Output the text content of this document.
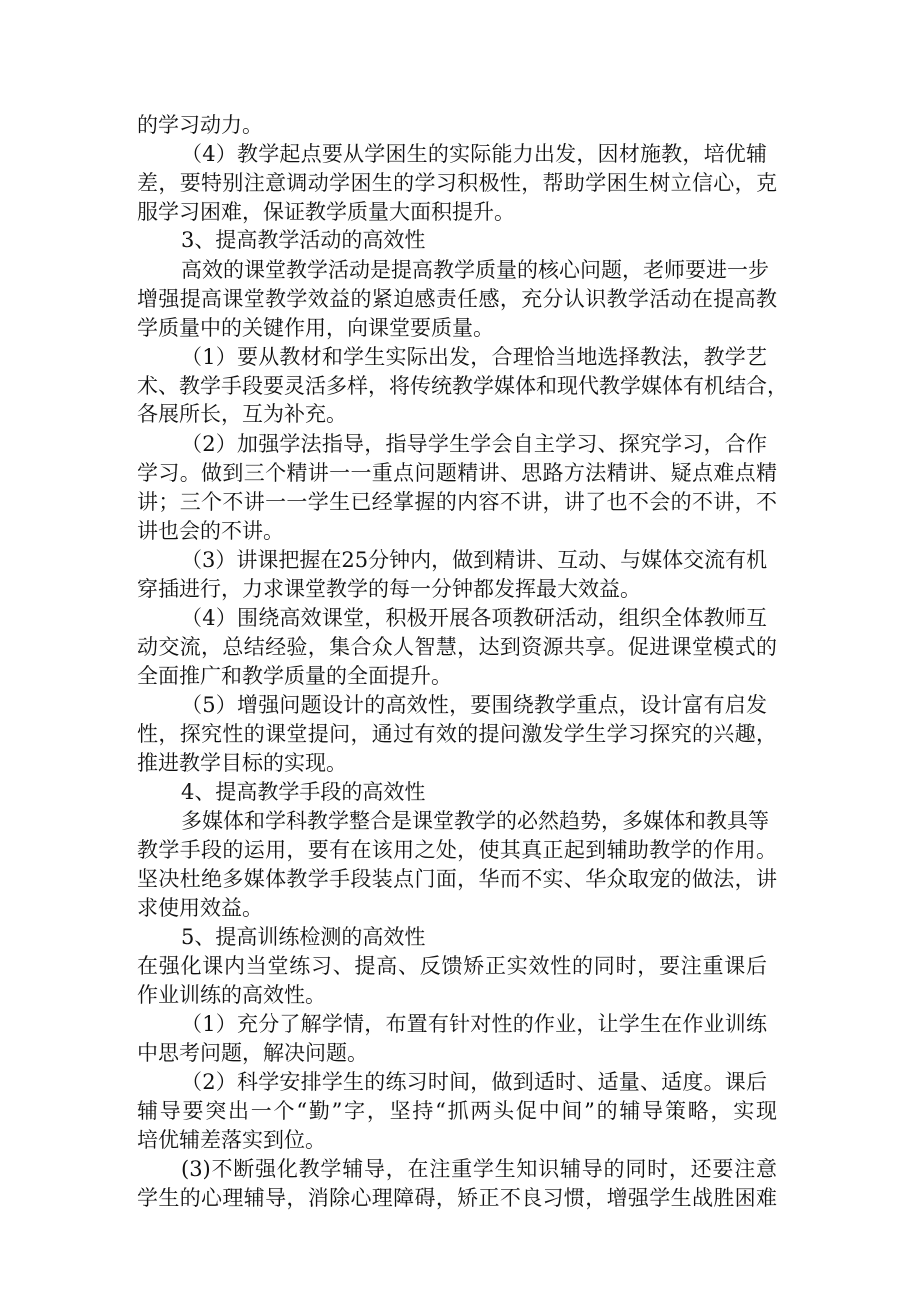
的学习动力。

（4）教学起点要从学困生的实际能力出发，因材施教，培优辅

差，要特别注意调动学困生的学习积极性，帮助学困生树立信心，克

服学习困难，保证教学质量大面积提升。

3、提高教学活动的高效性

高效的课堂教学活动是提高教学质量的核心问题，老师要进一步

增强提高课堂教学效益的紧迫感责任感，充分认识教学活动在提高教

学质量中的关键作用，向课堂要质量。

（1）要从教材和学生实际出发，合理恰当地选择教法，教学艺

术、教学手段要灵活多样，将传统教学媒体和现代教学媒体有机结合，

各展所长，互为补充。

（2）加强学法指导，指导学生学会自主学习、探究学习，合作

学习。做到三个精讲一一重点问题精讲、思路方法精讲、疑点难点精

讲；三个不讲一一学生已经掌握的内容不讲，讲了也不会的不讲，不

讲也会的不讲。

（3）讲课把握在25分钟内，做到精讲、互动、与媒体交流有机

穿插进行，力求课堂教学的每一分钟都发挥最大效益。

（4）围绕高效课堂，积极开展各项教研活动，组织全体教师互

动交流，总结经验，集合众人智慧，达到资源共享。促进课堂模式的

全面推广和教学质量的全面提升。

（5）增强问题设计的高效性，要围绕教学重点，设计富有启发

性，探究性的课堂提问，通过有效的提问激发学生学习探究的兴趣，

推进教学目标的实现。

4、提高教学手段的高效性

多媒体和学科教学整合是课堂教学的必然趋势，多媒体和教具等

教学手段的运用，要有在该用之处，使其真正起到辅助教学的作用。

坚决杜绝多媒体教学手段装点门面，华而不实、华众取宠的做法，讲

求使用效益。

5、提高训练检测的高效性

在强化课内当堂练习、提高、反馈矫正实效性的同时，要注重课后

作业训练的高效性。

（1）充分了解学情，布置有针对性的作业，让学生在作业训练

中思考问题，解决问题。

（2）科学安排学生的练习时间，做到适时、适量、适度。课后

辅导要突出一个“勤”字，坚持“抓两头促中间”的辅导策略，实现

培优辅差落实到位。

(3)不断强化教学辅导，在注重学生知识辅导的同时，还要注意

学生的心理辅导，消除心理障碍，矫正不良习惯，增强学生战胜困难
